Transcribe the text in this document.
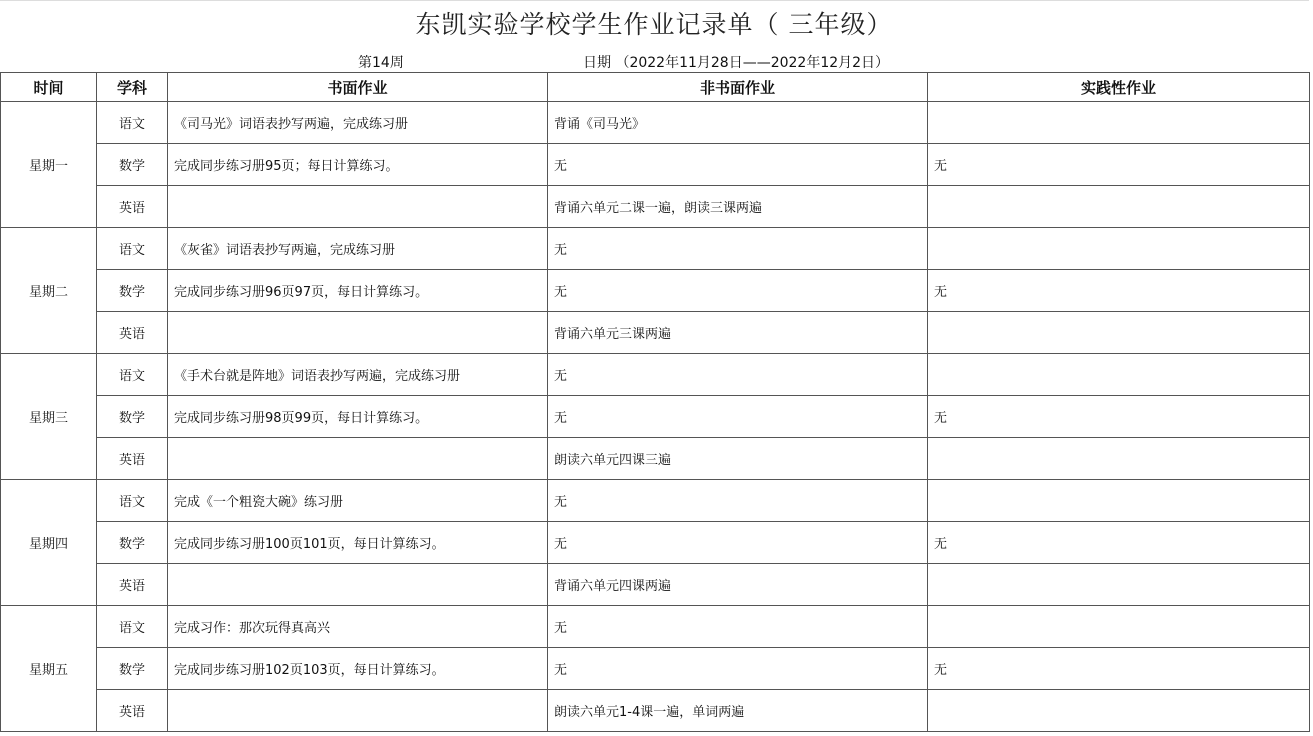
东凯实验学校学生作业记录单（ 三年级）
第14周	日期 （2022年11月28日——2022年12月2日）
时间	学科	书面作业	非书面作业	实践性作业
星期一	语文	《司马光》词语表抄写两遍，完成练习册	背诵《司马光》	
	数学	完成同步练习册95页；每日计算练习。	无	无
	英语		背诵六单元二课一遍，朗读三课两遍	
星期二	语文	《灰雀》词语表抄写两遍，完成练习册	无	
	数学	完成同步练习册96页97页，每日计算练习。	无	无
	英语		背诵六单元三课两遍	
星期三	语文	《手术台就是阵地》词语表抄写两遍，完成练习册	无	
	数学	完成同步练习册98页99页，每日计算练习。	无	无
	英语		朗读六单元四课三遍	
星期四	语文	完成《一个粗瓷大碗》练习册	无	
	数学	完成同步练习册100页101页，每日计算练习。	无	无
	英语		背诵六单元四课两遍	
星期五	语文	完成习作：那次玩得真高兴	无	
	数学	完成同步练习册102页103页，每日计算练习。	无	无
	英语		朗读六单元1-4课一遍，单词两遍	
